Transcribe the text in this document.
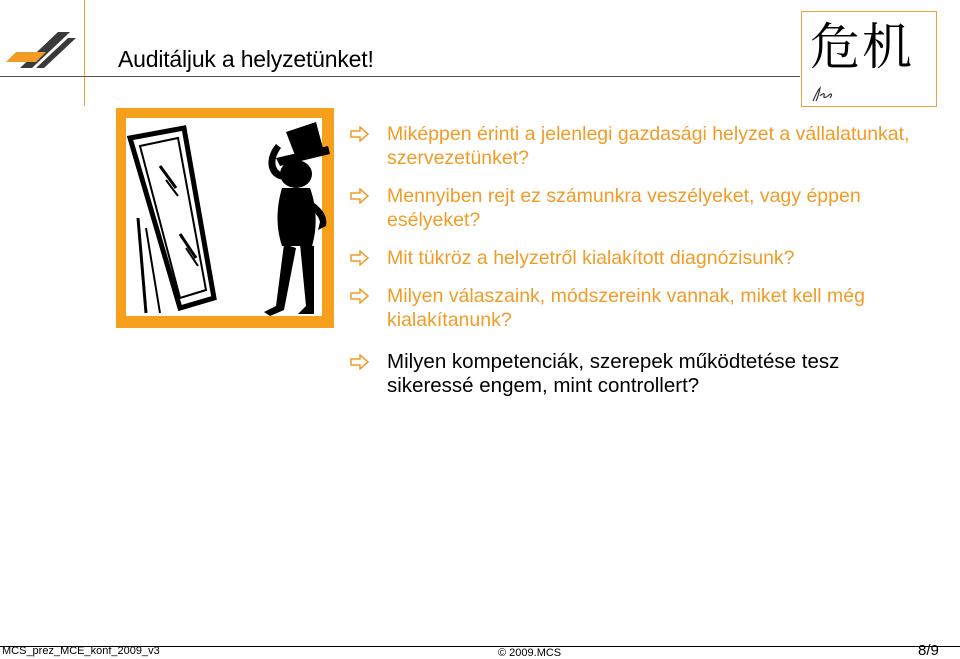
Auditáljuk a helyzetünket!	危机
Miképpen érinti a jelenlegi gazdasági helyzet a vállalatunkat, szervezetünket?
Mennyiben rejt ez számunkra veszélyeket, vagy éppen esélyeket?
Mit tükröz a helyzetről kialakított diagnózisunk?
Milyen válaszaink, módszereink vannak, miket kell még kialakítanunk?
Milyen kompetenciák, szerepek működtetése tesz sikeressé engem, mint controllert?
MCS_prez_MCE_konf_2009_v3	© 2009.MCS	8/9
